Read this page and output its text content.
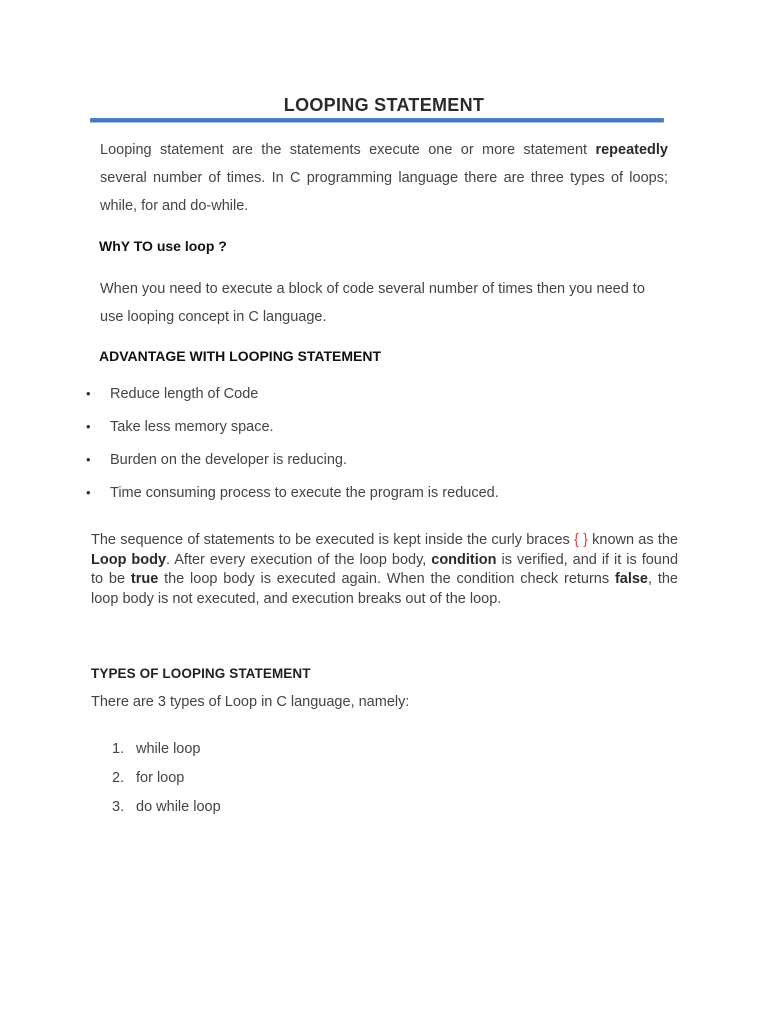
LOOPING STATEMENT
Looping statement are the statements execute one or more statement repeatedly several number of times. In C programming language there are three types of loops; while, for and do-while.
WhY TO use loop ?
When you need to execute a block of code several number of times then you need to use looping concept in C language.
ADVANTAGE WITH LOOPING STATEMENT
• Reduce length of Code
• Take less memory space.
• Burden on the developer is reducing.
• Time consuming process to execute the program is reduced.
The sequence of statements to be executed is kept inside the curly braces { } known as the Loop body. After every execution of the loop body, condition is verified, and if it is found to be true the loop body is executed again. When the condition check returns false, the loop body is not executed, and execution breaks out of the loop.
TYPES OF LOOPING STATEMENT
There are 3 types of Loop in C language, namely:
1. while loop
2. for loop
3. do while loop
